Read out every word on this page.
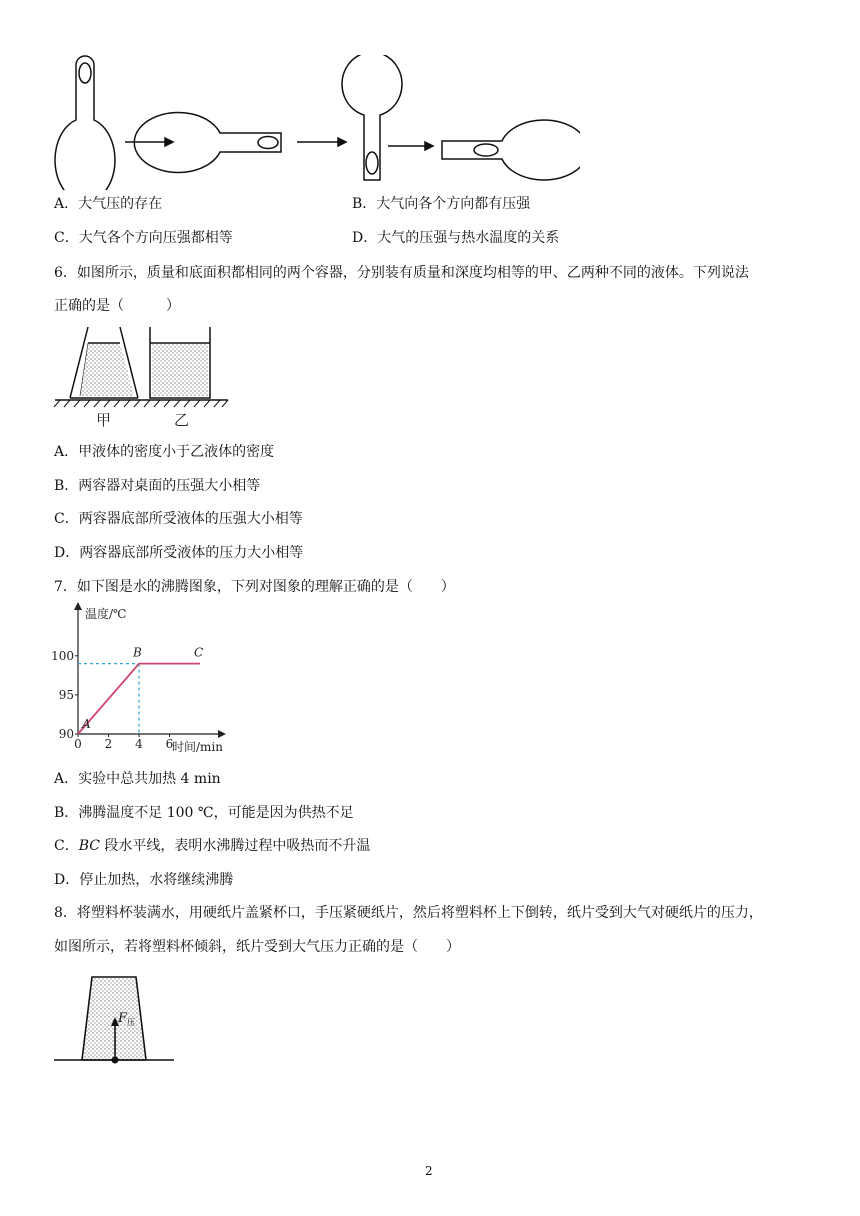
A．大气压的存在	B．大气向各个方向都有压强
C．大气各个方向压强都相等	D．大气的压强与热水温度的关系
6．如图所示，质量和底面积都相同的两个容器，分别装有质量和深度均相等的甲、乙两种不同的液体。下列说法
正确的是（　　　）
甲	乙
A．甲液体的密度小于乙液体的密度
B．两容器对桌面的压强大小相等
C．两容器底部所受液体的压强大小相等
D．两容器底部所受液体的压力大小相等
7．如下图是水的沸腾图象，下列对图象的理解正确的是（　　）
温度/℃
时间/min
A
B	C
90
95
100
0 2 4 6
A．实验中总共加热 4 min
B．沸腾温度不足 100 ℃，可能是因为供热不足
C．BC 段水平线，表明水沸腾过程中吸热而不升温
D．停止加热，水将继续沸腾
8．将塑料杯装满水，用硬纸片盖紧杯口，手压紧硬纸片，然后将塑料杯上下倒转，纸片受到大气对硬纸片的压力，
如图所示，若将塑料杯倾斜，纸片受到大气压力正确的是（　　）
$F_压$
2
